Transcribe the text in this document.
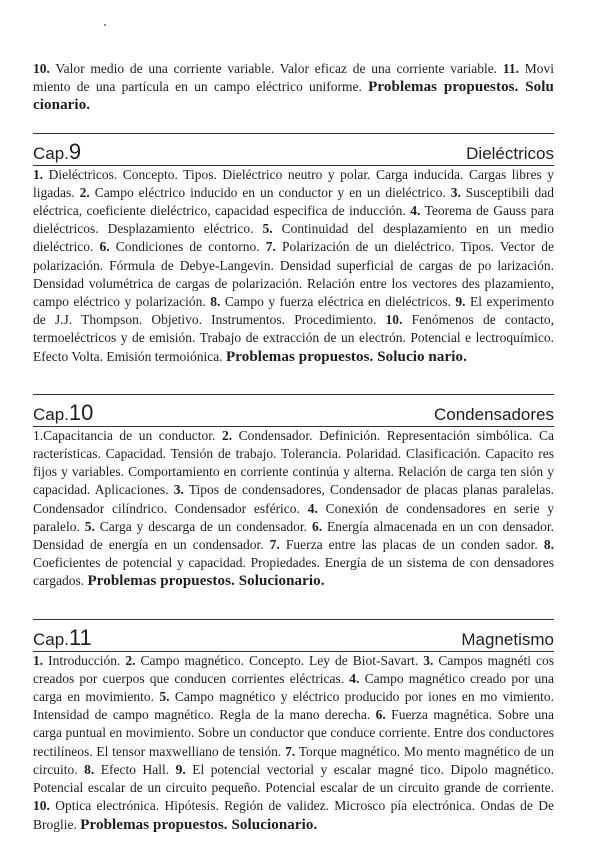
10. Valor medio de una corriente variable. Valor eficaz de una corriente variable. 11. Movi miento de una partícula en un campo eléctrico uniforme. Problemas propuestos. Solu cionario.

Cap.9	Dieléctricos

1. Dieléctricos. Concepto. Tipos. Dieléctrico neutro y polar. Carga inducida. Cargas libres y ligadas. 2. Campo eléctrico inducido en un conductor y en un dieléctrico. 3. Susceptibili dad eléctrica, coeficiente dieléctrico, capacidad especifica de inducción. 4. Teorema de Gauss para dieléctricos. Desplazamiento eléctrico. 5. Continuidad del desplazamiento en un medio dieléctrico. 6. Condiciones de contorno. 7. Polarización de un dieléctrico. Tipos. Vector de polarización. Fórmula de Debye-Langevin. Densidad superficial de cargas de po larización. Densidad volumétrica de cargas de polarización. Relación entre los vectores des plazamiento, campo eléctrico y polarización. 8. Campo y fuerza eléctrica en dieléctricos. 9. El experimento de J.J. Thompson. Objetivo. Instrumentos. Procedimiento. 10. Fenómenos de contacto, termoeléctricos y de emisión. Trabajo de extracción de un electrón. Potencial e lectroquímico. Efecto Volta. Emisión termoiónica. Problemas propuestos. Solucio nario.

Cap.10	Condensadores

1.Capacitancia de un conductor. 2. Condensador. Definición. Representación simbólica. Ca racterísticas. Capacidad. Tensión de trabajo. Tolerancia. Polaridad. Clasificación. Capacito res fijos y variables. Comportamiento en corriente continúa y alterna. Relación de carga ten sión y capacidad. Aplicaciones. 3. Tipos de condensadores, Condensador de placas planas paralelas. Condensador cilíndrico. Condensador esférico. 4. Conexión de condensadores en serie y paralelo. 5. Carga y descarga de un condensador. 6. Energía almacenada en un con densador. Densidad de energía en un condensador. 7. Fuerza entre las placas de un conden sador. 8. Coeficientes de potencial y capacidad. Propiedades. Energía de un sistema de con densadores cargados. Problemas propuestos. Solucionario.

Cap.11	Magnetismo

1. Introducción. 2. Campo magnético. Concepto. Ley de Biot-Savart. 3. Campos magnéti cos creados por cuerpos que conducen corrientes eléctricas. 4. Campo magnético creado por una carga en movimiento. 5. Campo magnético y eléctrico producido por iones en mo vimiento. Intensidad de campo magnético. Regla de la mano derecha. 6. Fuerza magnética. Sobre una carga puntual en movimiento. Sobre un conductor que conduce corriente. Entre dos conductores rectilíneos. El tensor maxwelliano de tensión. 7. Torque magnético. Mo mento magnético de un circuito. 8. Efecto Hall. 9. El potencial vectorial y escalar magné tico. Dipolo magnético. Potencial escalar de un circuito pequeño. Potencial escalar de un circuito grande de corriente. 10. Optica electrónica. Hipótesis. Región de validez. Microsco pía electrónica. Ondas de De Broglie. Problemas propuestos. Solucionario.
